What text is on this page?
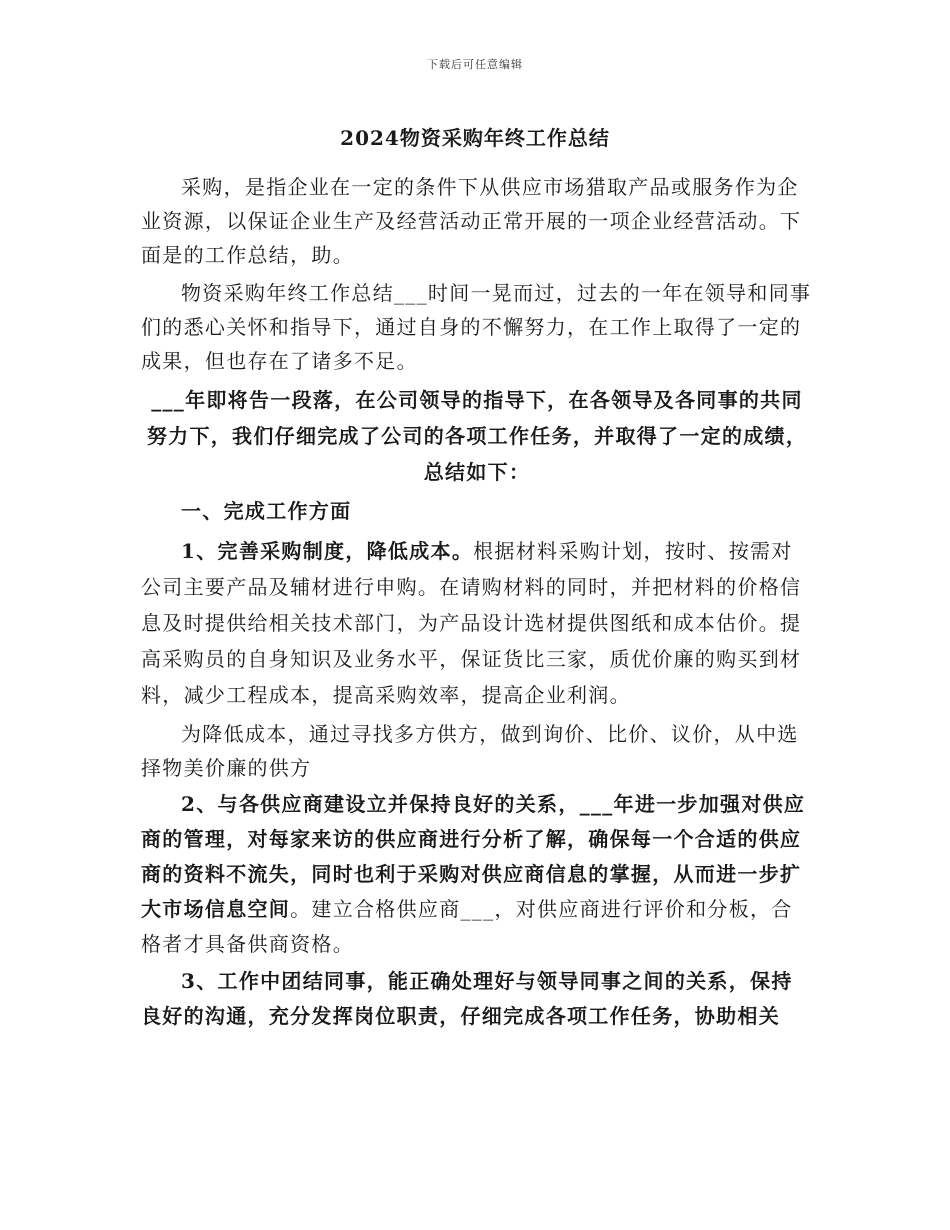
下载后可任意编辑
2024物资采购年终工作总结

采购，是指企业在一定的条件下从供应市场猎取产品或服务作为企业资源，以保证企业生产及经营活动正常开展的一项企业经营活动。下面是的工作总结，助。

物资采购年终工作总结___时间一晃而过，过去的一年在领导和同事们的悉心关怀和指导下，通过自身的不懈努力，在工作上取得了一定的成果，但也存在了诸多不足。

___年即将告一段落，在公司领导的指导下，在各领导及各同事的共同努力下，我们仔细完成了公司的各项工作任务，并取得了一定的成绩，总结如下：

一、完成工作方面

1、完善采购制度，降低成本。根据材料采购计划，按时、按需对公司主要产品及辅材进行申购。在请购材料的同时，并把材料的价格信息及时提供给相关技术部门，为产品设计选材提供图纸和成本估价。提高采购员的自身知识及业务水平，保证货比三家，质优价廉的购买到材料，减少工程成本，提高采购效率，提高企业利润。

为降低成本，通过寻找多方供方，做到询价、比价、议价，从中选择物美价廉的供方

2、与各供应商建设立并保持良好的关系，___年进一步加强对供应商的管理，对每家来访的供应商进行分析了解，确保每一个合适的供应商的资料不流失，同时也利于采购对供应商信息的掌握，从而进一步扩大市场信息空间。建立合格供应商___，对供应商进行评价和分板，合格者才具备供商资格。

3、工作中团结同事，能正确处理好与领导同事之间的关系，保持良好的沟通，充分发挥岗位职责，仔细完成各项工作任务，协助相关
